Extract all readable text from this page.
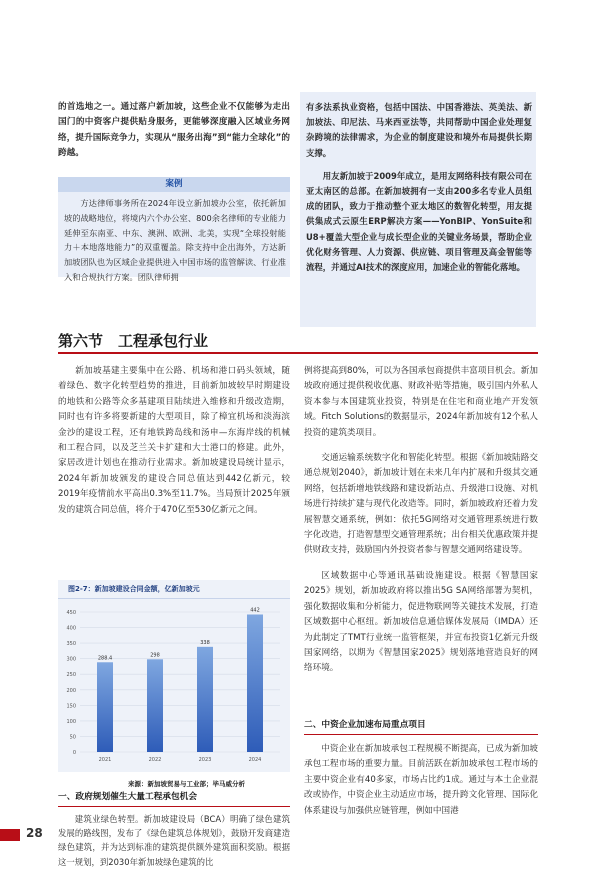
的首选地之一。通过落户新加坡，这些企业不仅能够为走出国门的中资客户提供贴身服务，更能够深度融入区域业务网络，提升国际竞争力，实现从“服务出海”到“能力全球化”的跨越。

案例

方达律师事务所在2024年设立新加坡办公室，依托新加坡的战略地位，将境内六个办公室、800余名律师的专业能力延伸至东南亚、中东、澳洲、欧洲、北美，实现“全球投射能力＋本地落地能力”的双重覆盖。除支持中企出海外，方达新加坡团队也为区域企业提供进入中国市场的监管解读、行业准入和合规执行方案。团队律师拥

有多法系执业资格，包括中国法、中国香港法、英美法、新加坡法、印尼法、马来西亚法等，共同帮助中国企业处理复杂跨境的法律需求，为企业的制度建设和境外布局提供长期支撑。

用友新加坡于2009年成立，是用友网络科技有限公司在亚太南区的总部。在新加坡拥有一支由200多名专业人员组成的团队，致力于推动整个亚太地区的数智化转型，用友提供集成式云原生ERP解决方案——YonBIP、YonSuite和U8+覆盖大型企业与成长型企业的关键业务场景，帮助企业优化财务管理、人力资源、供应链、项目管理及高金智能等流程，并通过AI技术的深度应用，加速企业的智能化落地。

第六节　工程承包行业

新加坡基建主要集中在公路、机场和港口码头领域，随着绿色、数字化转型趋势的推进，目前新加坡较早时期建设的地铁和公路等众多基建项目陆续进入维修和升级改造期，同时也有许多将要新建的大型项目，除了樟宜机场和淡海滨金沙的建设工程，还有地铁跨岛线和汤申—东海岸线的机械和工程合同，以及芝兰关卡扩建和大士港口的修建。此外，家居改进计划也在推动行业需求。新加坡建设局统计显示，2024年新加坡颁发的建设合同总值达到442亿新元，较2019年疫情前水平高出0.3%至11.7%。当局预计2025年颁发的建筑合同总值，将介于470亿至530亿新元之间。

图2-7：新加坡建设合同金额，亿新加坡元
0
50
100
150
200
250
300
350
400
450
288.4
2021
298
2022
338
2023
442
2024
来源：新加坡贸易与工业部；毕马威分析
一、政府规划催生大量工程承包机会

建筑业绿色转型。新加坡建设局（BCA）明确了绿色建筑发展的路线图，发布了《绿色建筑总体规划》，鼓励开发商建造绿色建筑，并为达到标准的建筑提供额外建筑面积奖励。根据这一规划，到2030年新加坡绿色建筑的比

例将提高到80%，可以为各国承包商提供丰富项目机会。新加坡政府通过提供税收优惠、财政补贴等措施，吸引国内外私人资本参与本国建筑业投资，特别是在住宅和商业地产开发领域。Fitch Solutions的数据显示，2024年新加坡有12个私人投资的建筑类项目。

交通运输系统数字化和智能化转型。根据《新加坡陆路交通总规划2040》，新加坡计划在未来几年内扩展和升级其交通网络，包括新增地铁线路和建设新站点、升级港口设施、对机场进行持续扩建与现代化改造等。同时，新加坡政府还着力发展智慧交通系统，例如：依托5G网络对交通管理系统进行数字化改造，打造智慧型交通管理系统；出台相关优惠政策并提供财政支持，鼓励国内外投资者参与智慧交通网络建设等。

区域数据中心等通讯基础设施建设。根据《智慧国家2025》规划，新加坡政府将以推出5G SA网络部署为契机，强化数据收集和分析能力，促进物联网等关键技术发展，打造区域数据中心枢纽。新加坡信息通信媒体发展局（IMDA）还为此制定了TMT行业统一监管框架，并宣布投资1亿新元升级国家网络，以期为《智慧国家2025》规划落地营造良好的网络环境。

二、中资企业加速布局重点项目

中资企业在新加坡承包工程规模不断提高，已成为新加坡承包工程市场的重要力量。目前活跃在新加坡承包工程市场的主要中资企业有40多家，市场占比约1成。通过与本土企业混改或协作，中资企业主动适应市场，提升跨文化管理、国际化体系建设与加强供应链管理，例如中国港

28
